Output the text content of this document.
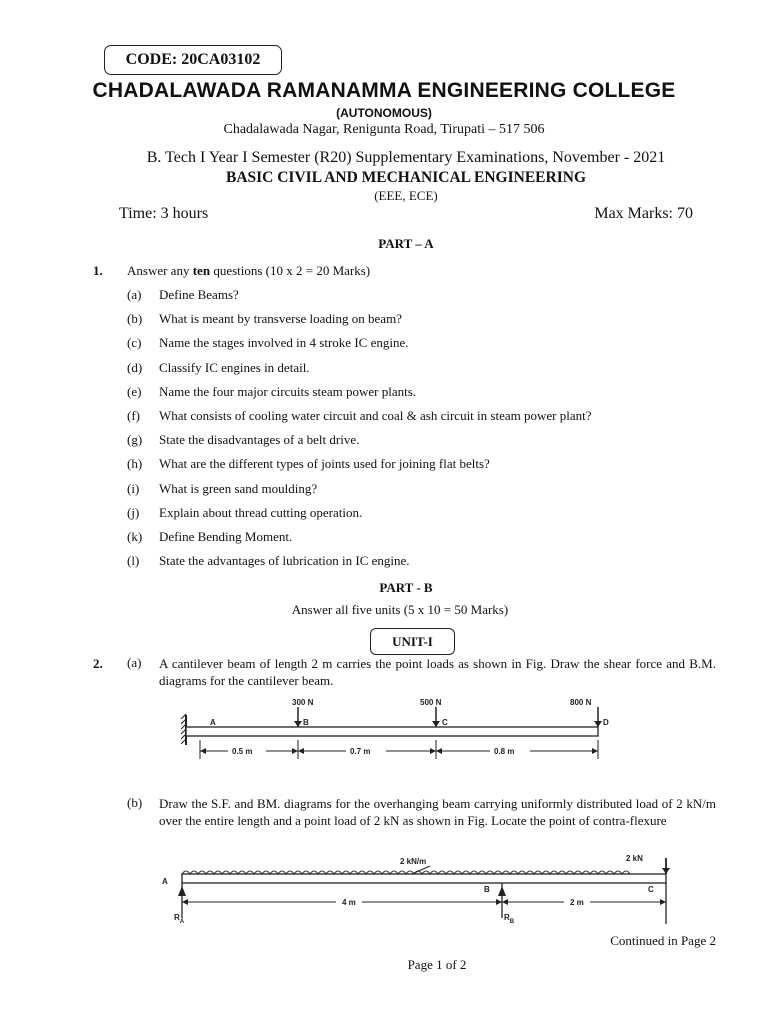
CODE: 20CA03102
CHADALAWADA RAMANAMMA ENGINEERING COLLEGE
(AUTONOMOUS)
Chadalawada Nagar, Renigunta Road, Tirupati – 517 506
B. Tech I Year I Semester (R20) Supplementary Examinations, November - 2021
BASIC CIVIL AND MECHANICAL ENGINEERING
(EEE, ECE)
Time: 3 hours	Max Marks: 70
PART – A
1. Answer any ten questions (10 x 2 = 20 Marks)
(a) Define Beams?
(b) What is meant by transverse loading on beam?
(c) Name the stages involved in 4 stroke IC engine.
(d) Classify IC engines in detail.
(e) Name the four major circuits steam power plants.
(f) What consists of cooling water circuit and coal & ash circuit in steam power plant?
(g) State the disadvantages of a belt drive.
(h) What are the different types of joints used for joining flat belts?
(i) What is green sand moulding?
(j) Explain about thread cutting operation.
(k) Define Bending Moment.
(l) State the advantages of lubrication in IC engine.
PART - B
Answer all five units (5 x 10 = 50 Marks)
UNIT-I
2. (a) A cantilever beam of length 2 m carries the point loads as shown in Fig. Draw the shear force and B.M. diagrams for the cantilever beam.
300 N	500 N	800 N
A	B	C	D
0.5 m	0.7 m	0.8 m
(b) Draw the S.F. and BM. diagrams for the overhanging beam carrying uniformly distributed load of 2 kN/m over the entire length and a point load of 2 kN as shown in Fig. Locate the point of contra-flexure
2 kN/m	2 kN
A
B	C
4 m	2 m
$R_A$	$R_B$
Continued in Page 2
Page 1 of 2
